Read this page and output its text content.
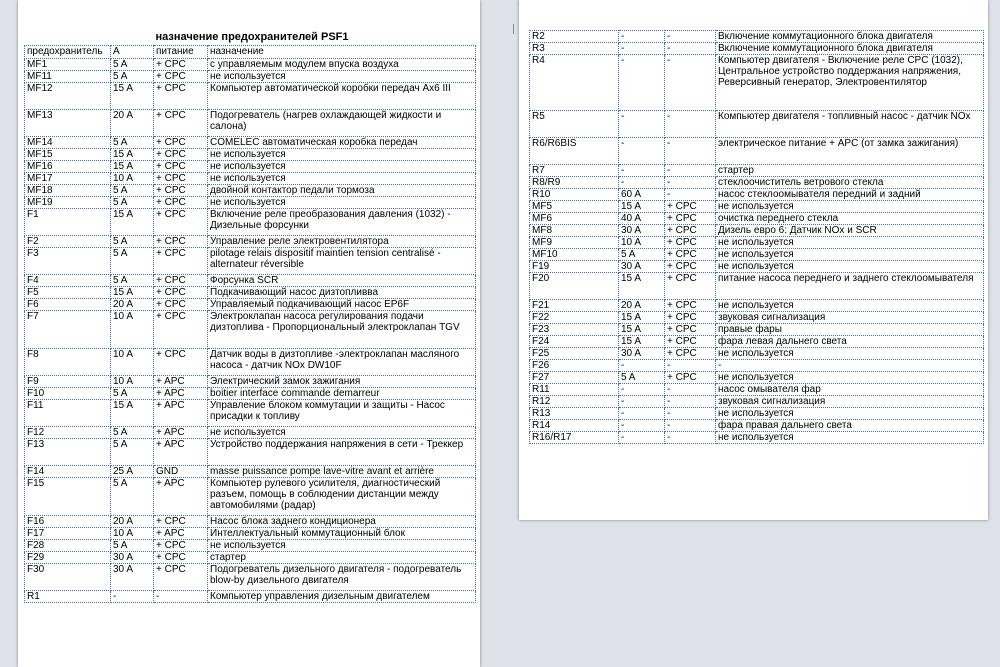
назначение предохранителей PSF1
предохранитель	А	питание	назначение
MF1	5 A	+ CPC	с управляемым модулем впуска воздуха
MF11	5 A	+ CPC	не используется
MF12	15 A	+ CPC	Компьютер автоматической коробки передач Ах6 III
MF13	20 A	+ CPC	Подогреватель (нагрев охлаждающей жидкости и салона)
MF14	5 A	+ CPC	COMELEC автоматическая коробка передач
MF15	15 A	+ CPC	не используется
MF16	15 A	+ CPC	не используется
MF17	10 A	+ CPC	не используется
MF18	5 A	+ CPC	двойной контактор педали тормоза
MF19	5 A	+ CPC	не используется
F1	15 A	+ CPC	Включение реле преобразования давления (1032) - Дизельные форсунки
F2	5 A	+ CPC	Управление реле электровентилятора
F3	5 A	+ CPC	pilotage relais dispositif maintien tension centralisé - alternateur réversible
F4	5 A	+ CPC	Форсунка SCR
F5	15 A	+ CPC	Подкачивающий насос дизтопливва
F6	20 A	+ CPC	Управляемый подкачивающий насос EP6F
F7	10 A	+ CPC	Электроклапан насоса регулирования подачи дизтоплива - Пропорциональный электроклапан TGV
F8	10 A	+ CPC	Датчик воды в дизтопливе -электроклапан масляного насоса - датчик NOx DW10F
F9	10 A	+ APC	Электрический замок зажигания
F10	5 A	+ APC	boitier interface commande demarreur
F11	15 A	+ APC	Управление блоком коммутации и защиты - Насос присадки к топливу
F12	5 A	+ APC	не используется
F13	5 A	+ APC	Устройство поддержания напряжения в сети - Треккер
F14	25 A	GND	masse puissance pompe lave-vitre avant et arrière
F15	5 A	+ APC	Компьютер рулевого усилителя, диагностический разъем, помощь в соблюдении дистанции между автомобилями (радар)
F16	20 A	+ CPC	Насос блока заднего кондиционера
F17	10 A	+ APC	Интеллектуальный коммутационный блок
F28	5 A	+ CPC	не используется
F29	30 A	+ CPC	стартер
F30	30 A	+ CPC	Подогреватель дизельного двигателя - подогреватель blow-by дизельного двигателя
R1	-	-	Компьютер управления дизельным двигателем
R2	-	-	Включение коммутационного блока двигателя
R3	-	-	Включение коммутационного блока двигателя
R4	-	-	Компьютер двигателя - Включение реле CPC (1032), Центральное устройство поддержания напряжения, Реверсивный генератор, Электровентилятор
R5	-	-	Компьютер двигателя - топливный насос - датчик NOx
R6/R6BIS	-	-	электрическое питание + APC (от замка зажигания)
R7	-	-	стартер
R8/R9	-	-	стеклоочиститель ветрового стекла
R10	60 A	-	насос стеклоомывателя передний и задний
MF5	15 A	+ CPC	не используется
MF6	40 A	+ CPC	очистка переднего стекла
MF8	30 A	+ CPC	Дизель евро 6: Датчик NOx и SCR
MF9	10 A	+ CPC	не используется
MF10	5 A	+ CPC	не используется
F19	30 A	+ CPC	не используется
F20	15 A	+ CPC	питание насоса переднего и заднего стеклоомывателя
F21	20 A	+ CPC	не используется
F22	15 A	+ CPC	звуковая сигнализация
F23	15 A	+ CPC	правые фары
F24	15 A	+ CPC	фара левая дальнего света
F25	30 A	+ CPC	не используется
F26	-	-	-
F27	5 A	+ CPC	не используется
R11	-	-	насос омывателя фар
R12	-	-	звуковая сигнализация
R13	-	-	не используется
R14	-	-	фара правая дальнего света
R16/R17	-	-	не используется
